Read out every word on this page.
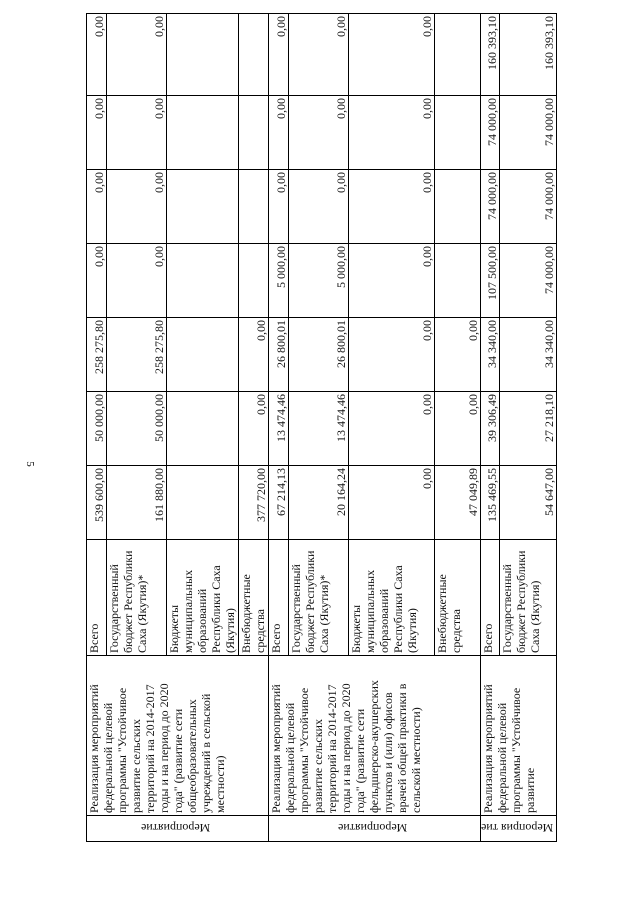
5
Мероприятие	Реализация мероприятий федеральной целевой программы "Устойчивое развитие сельских территорий на 2014-2017 годы и на период до 2020 года" (развитие сети общеобразовательных учреждений в сельской местности)	Всего	539 600,00	50 000,00	258 275,80	0,00	0,00	0,00	0,00
		Государственный бюджет Республики Саха (Якутия)*	161 880,00	50 000,00	258 275,80	0,00	0,00	0,00	0,00
		Бюджеты муниципальных образований Республики Саха (Якутия)							
		Внебюджетные средства	377 720,00	0,00	0,00				
Мероприятие	Реализация мероприятий федеральной целевой программы "Устойчивое развитие сельских территорий на 2014-2017 годы и на период до 2020 года" (развитие сети фельдшерско-акушерских пунктов и (или) офисов врачей общей практики в сельской местности)	Всего	67 214,13	13 474,46	26 800,01	5 000,00	0,00	0,00	0,00
		Государственный бюджет Республики Саха (Якутия)*	20 164,24	13 474,46	26 800,01	5 000,00	0,00	0,00	0,00
		Бюджеты муниципальных образований Республики Саха (Якутия)	0,00	0,00	0,00	0,00	0,00	0,00	0,00
		Внебюджетные средства	47 049,89	0,00	0,00				
Мероприя тие	Реализация мероприятий федеральной целевой программы "Устойчивое развитие	Всего	135 469,55	39 306,49	34 340,00	107 500,00	74 000,00	74 000,00	160 393,10
		Государственный бюджет Республики Саха (Якутия)	54 647,00	27 218,10	34 340,00	74 000,00	74 000,00	74 000,00	160 393,10
